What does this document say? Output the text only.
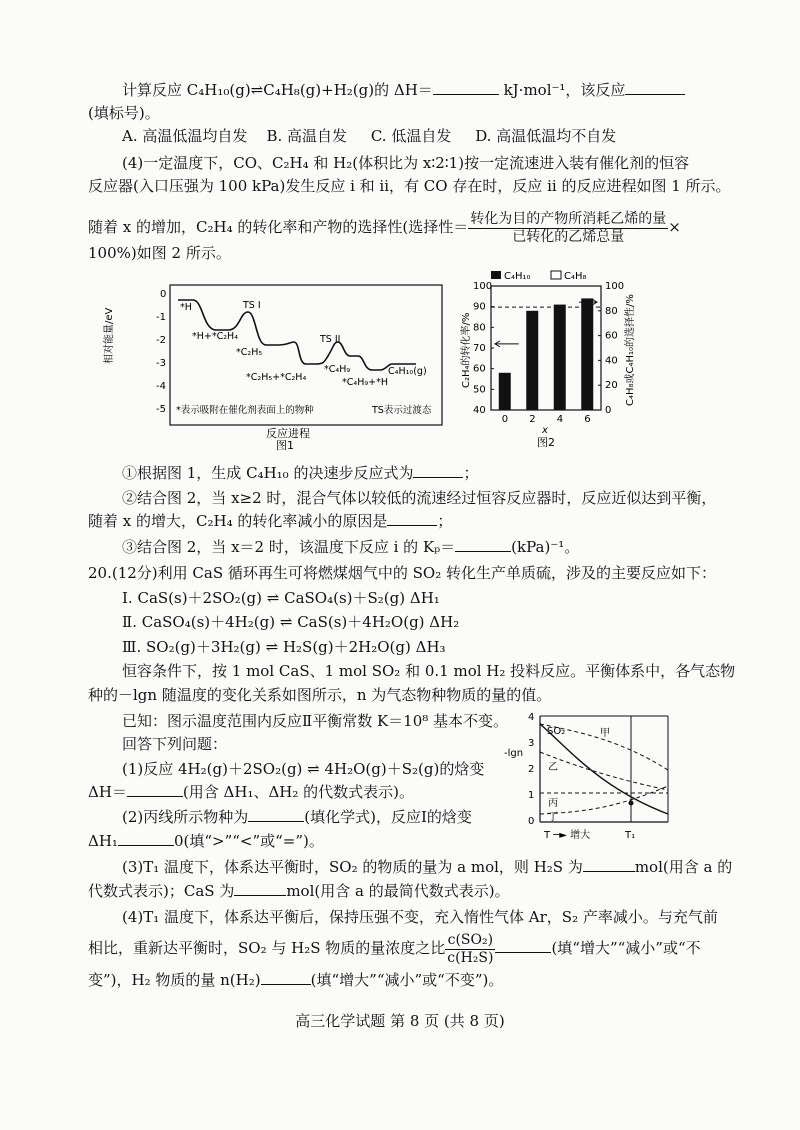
计算反应 C₄H₁₀(g)⇌C₄H₈(g)+H₂(g)的 ΔH＝	kJ·mol⁻¹，该反应
(填标号)。
A. 高温低温均自发 B. 高温自发 C. 低温自发 D. 高温低温均不自发
(4)一定温度下，CO、C₂H₄ 和 H₂(体积比为 x∶2∶1)按一定流速进入装有催化剂的恒容
反应器(入口压强为 100 kPa)发生反应 i 和 ii，有 CO 存在时，反应 ii 的反应进程如图 1 所示。
随着 x 的增加，C₂H₄ 的转化率和产物的选择性(选择性＝ $\frac{\text{转化为目的产物所消耗乙烯的量}}{\text{已转化的乙烯总量}}$ ×
100%)如图 2 所示。
相对能量/eV
0
-1
-2
-3
-4
-5
*H
*H+*C₂H₄
TS I
*C₂H₅
TS II
*C₄H₉
*C₂H₅+*C₂H₄	*C₄H₉+*H
C₄H₁₀(g)
*表示吸附在催化剂表面上的物种	TS表示过渡态
反应进程
图1
C₄H₁₀	C₄H₈
40
50
60
70
80
90
100
0
20
40
60
80
100
0 2 4 6
C₂H₄的转化率/%	C₄H₈或C₄H₁₀的选择性/%
x
图2
①根据图 1，生成 C₄H₁₀ 的决速步反应式为	；
②结合图 2，当 x≥2 时，混合气体以较低的流速经过恒容反应器时，反应近似达到平衡，
随着 x 的增大，C₂H₄ 的转化率减小的原因是	；
③结合图 2，当 x＝2 时，该温度下反应 i 的 Kₚ＝	(kPa)⁻¹。
20.(12分)利用 CaS 循环再生可将燃煤烟气中的 SO₂ 转化生产单质硫，涉及的主要反应如下：
Ⅰ. CaS(s)＋2SO₂(g) ⇌ CaSO₄(s)＋S₂(g) ΔH₁
Ⅱ. CaSO₄(s)＋4H₂(g) ⇌ CaS(s)＋4H₂O(g) ΔH₂
Ⅲ. SO₂(g)＋3H₂(g) ⇌ H₂S(g)＋2H₂O(g) ΔH₃
恒容条件下，按 1 mol CaS、1 mol SO₂ 和 0.1 mol H₂ 投料反应。平衡体系中，各气态物
种的－lgn 随温度的变化关系如图所示，n 为气态物种物质的量的值。
已知：图示温度范围内反应Ⅱ平衡常数 K＝10⁸ 基本不变。
回答下列问题：
(1)反应 4H₂(g)＋2SO₂(g) ⇌ 4H₂O(g)＋S₂(g)的焓变
ΔH＝	(用含 ΔH₁、ΔH₂ 的代数式表示)。
(2)丙线所示物种为	(填化学式)，反应Ⅰ的焓变
ΔH₁	0(填“>”“<”或“=”)。
(3)T₁ 温度下，体系达平衡时，SO₂ 的物质的量为 a mol，则 H₂S 为	mol(用含 a 的
代数式表示)；CaS 为	mol(用含 a 的最简代数式表示)。
(4)T₁ 温度下，体系达平衡后，保持压强不变，充入惰性气体 Ar，S₂ 产率减小。与充气前
相比，重新达平衡时，SO₂ 与 H₂S 物质的量浓度之比 $\frac{\text{c(SO₂)}}{\text{c(H₂S)}}$	(填“增大”“减小”或“不
变”)，H₂ 物质的量 n(H₂)	(填“增大”“减小”或“不变”)。
4
3
2
1
0
-lgn
SO₂	甲
乙
丙
丁
T ─► 增大	T₁
高三化学试题 第 8 页 (共 8 页)
